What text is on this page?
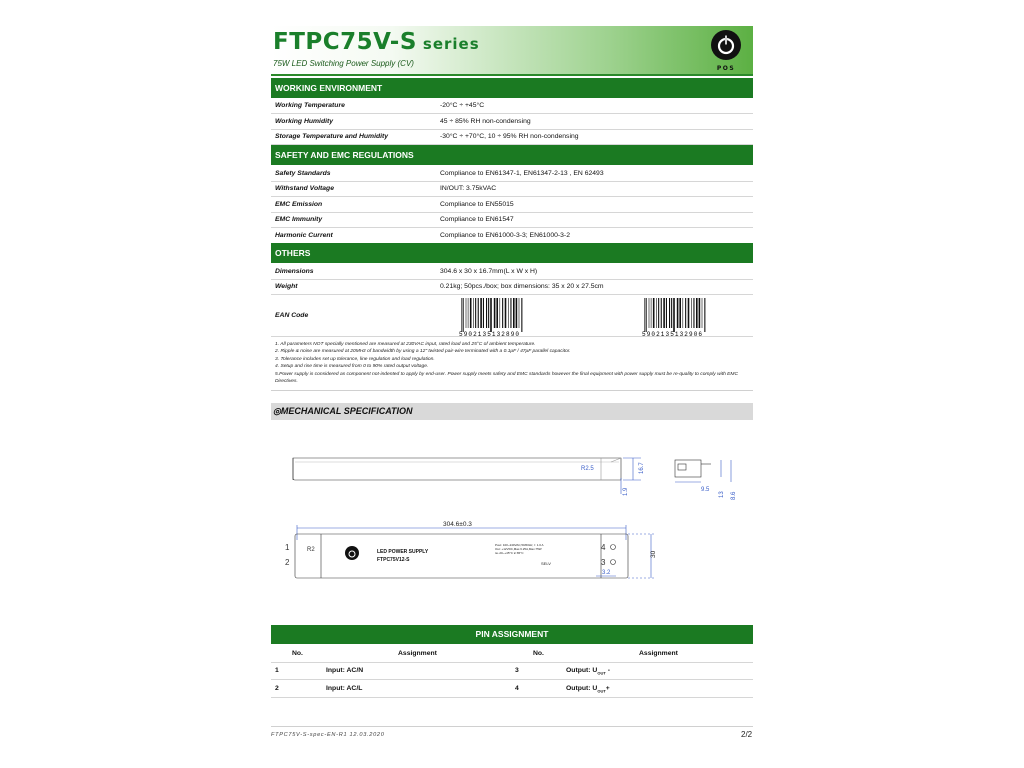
FTPC75V-S series
75W LED Switching Power Supply (CV)
POS
WORKING ENVIRONMENT
Working Temperature	-20°C ÷ +45°C
Working Humidity	45 ÷ 85% RH non-condensing
Storage Temperature and Humidity	-30°C ÷ +70°C, 10 ÷ 95% RH non-condensing
SAFETY AND EMC REGULATIONS
Safety Standards	Compliance to EN61347-1, EN61347-2-13 , EN 62493
Withstand Voltage	IN/OUT: 3.75kVAC
EMC Emission	Compliance to EN55015
EMC Immunity	Compliance to EN61547
Harmonic Current	Compliance to EN61000-3-3; EN61000-3-2
OTHERS
Dimensions	304.6 x 30 x 16.7mm(L x W x H)
Weight	0.21kg; 50pcs./box; box dimensions: 35 x 20 x 27.5cm
EAN Code
5902135132890	5902135132906
1. All parameters NOT specially mentioned are measured at 230VAC input, rated load and 25°C of ambient temperature.
2. Ripple & noise are measured at 20MHz of bandwidth by using a 12" twisted pair-wire terminated with a 0.1μF / 47μF parallel capacitor.
3. Tolerance includes set up tolerance, line regulation and load regulation.
4. Setup and rise time is measured from 0 to 90% rated output voltage.
5.Power supply is considered as component not-indented to apply by end-user. Power supply meets safety and EMC standards however the final equipment with power supply must be re-quality to comply with EMC Directives.
◎MECHANICAL SPECIFICATION
R2.5	16.7
1.9	9.5
13 8.6
304.6±0.3
LED POWER SUPPLY
FTPC75V12-S
Pout: 100~240VAC,50/60Hz, I: 1.0 A
Out: +12VDC,Max.6.25A,Max.75W
ta:-20~+45°C tc:65°C
SELV
R2
1
2	3
4
30
3.2
PIN ASSIGNMENT
No.	Assignment	No.	Assignment
1	Input: AC/N	3	Output: $U_{OUT}$ -
2	Input: AC/L	4	Output: $U_{OUT}+$
FTPC75V-S-spec-EN-R1 12.03.2020	2/2
